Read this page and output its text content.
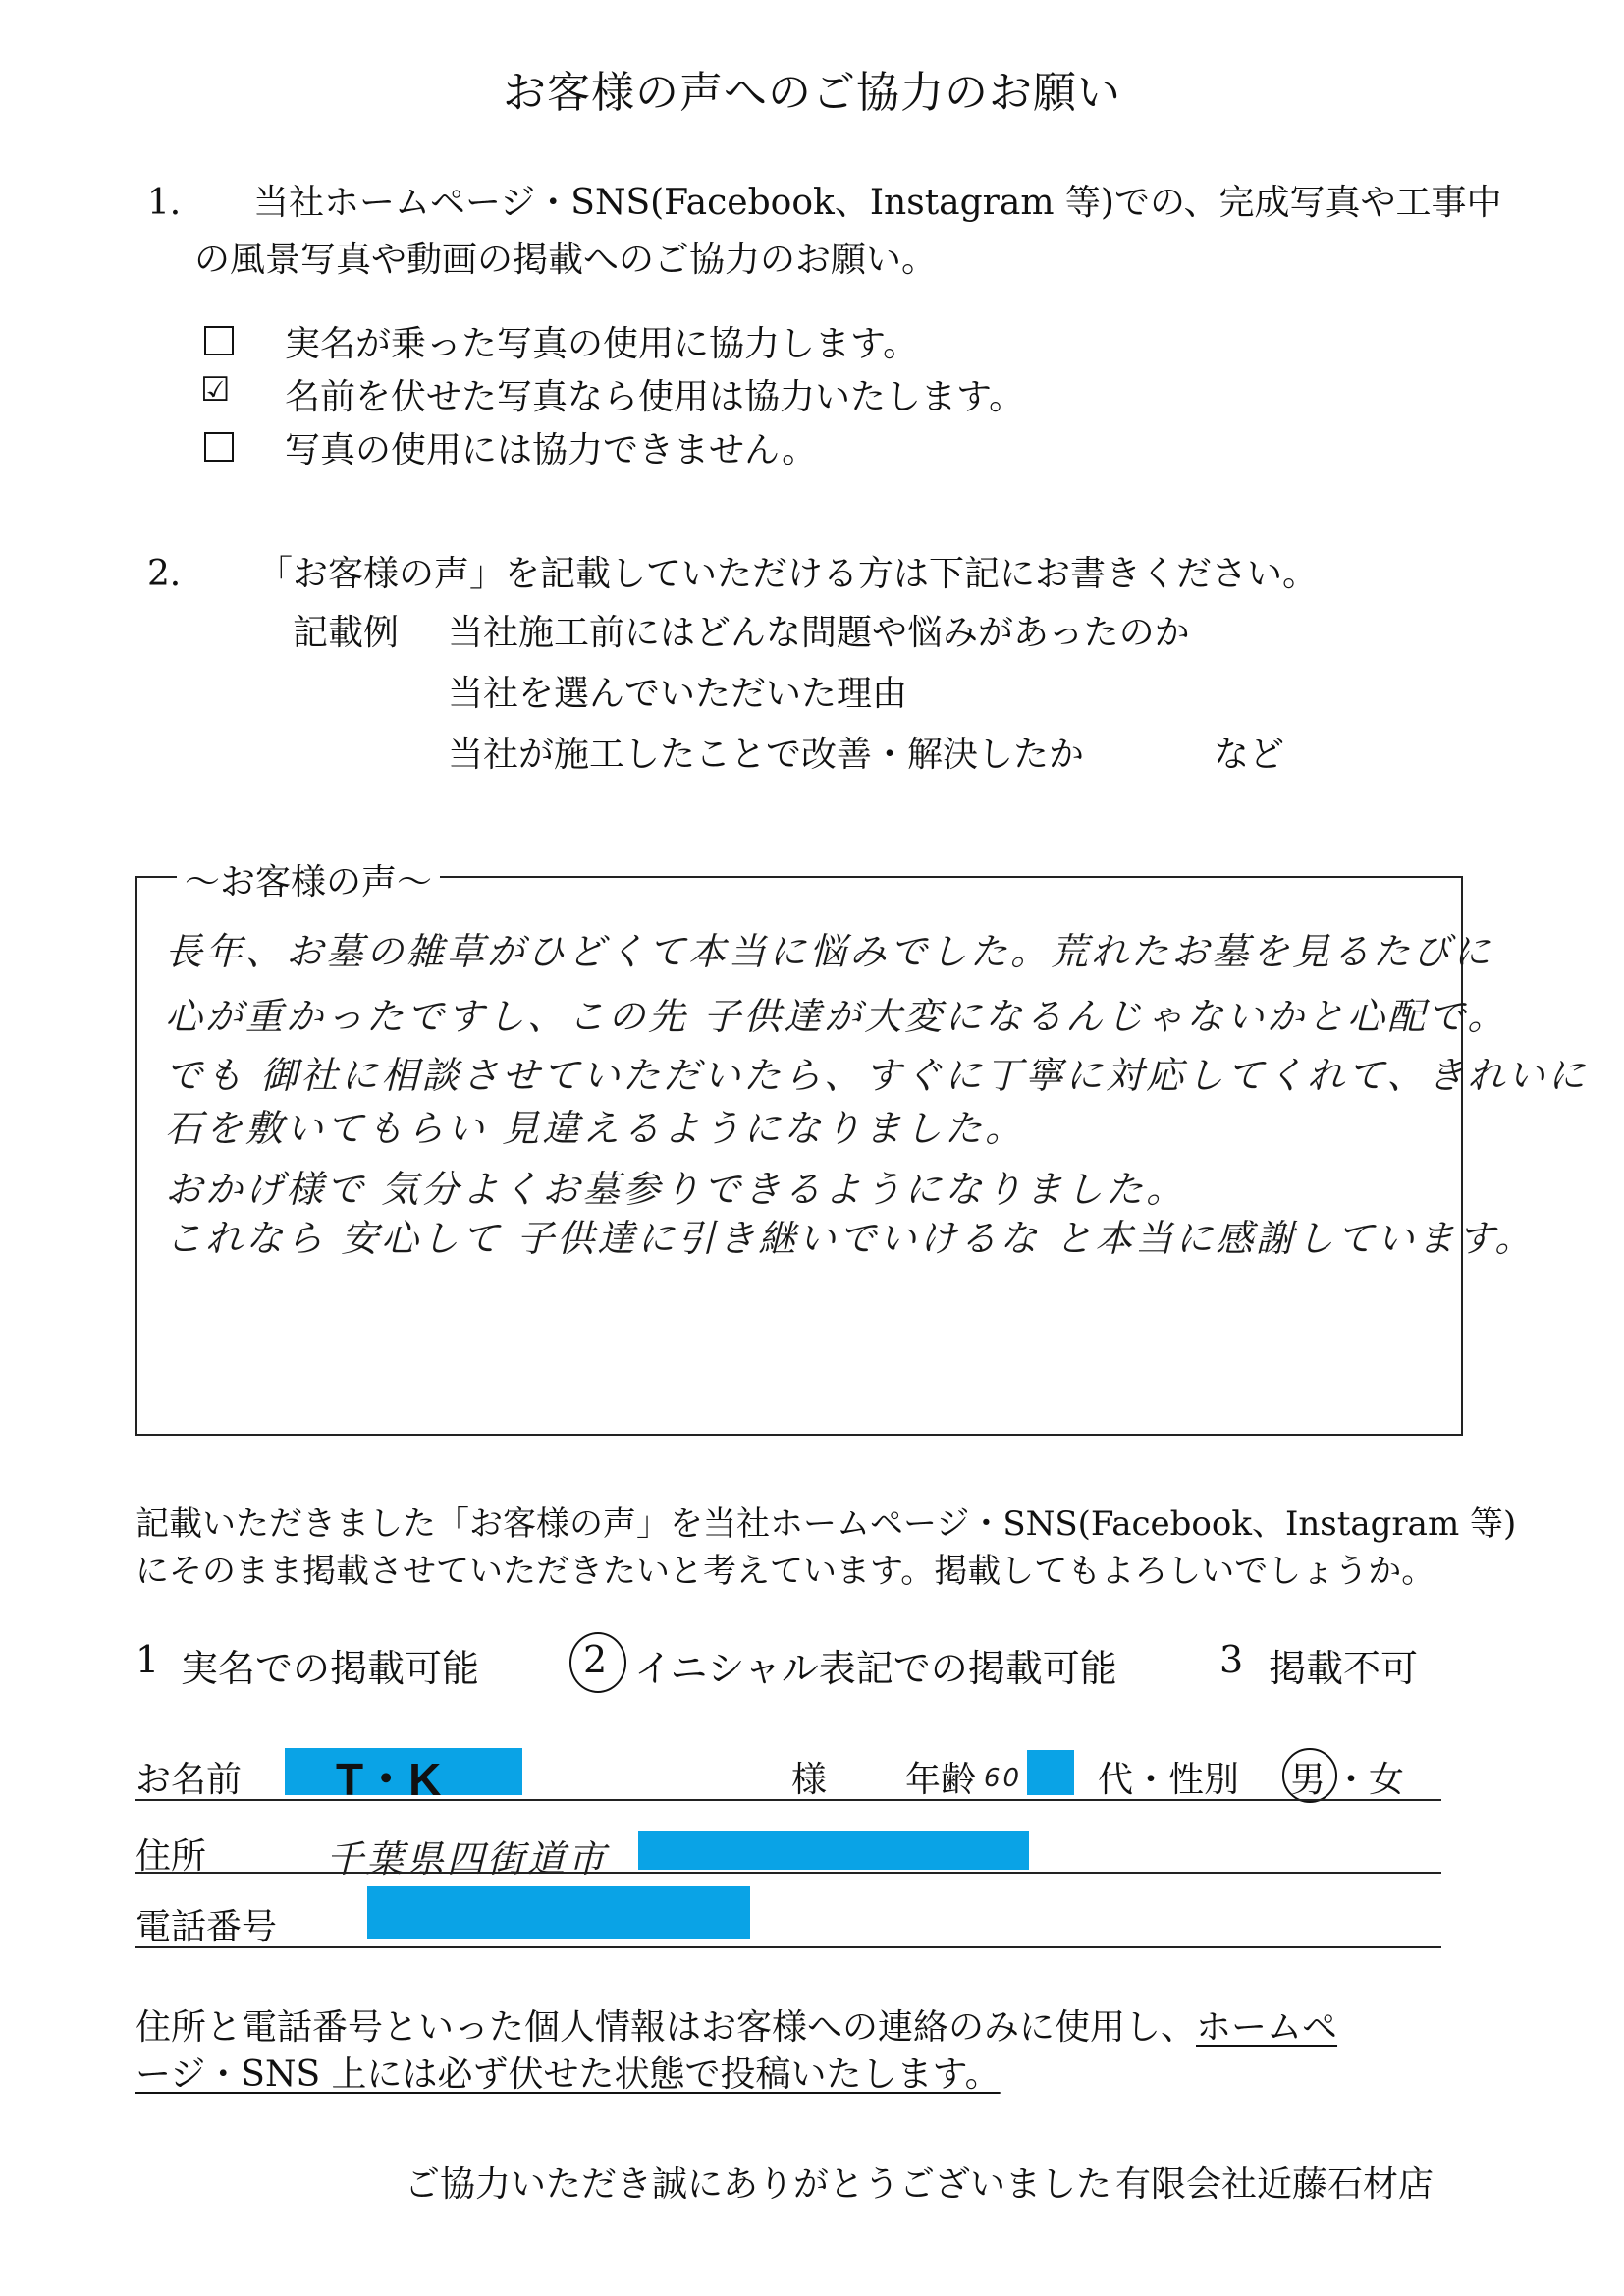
お客様の声へのご協力のお願い
1． 当社ホームページ・SNS(Facebook、Instagram 等)での、完成写真や工事中
の風景写真や動画の掲載へのご協力のお願い。
実名が乗った写真の使用に協力します。
☑ 名前を伏せた写真なら使用は協力いたします。
写真の使用には協力できません。
2． 「お客様の声」を記載していただける方は下記にお書きください。
記載例 当社施工前にはどんな問題や悩みがあったのか
当社を選んでいただいた理由
当社が施工したことで改善・解決したか	など
～お客様の声～
長年、お墓の雑草がひどくて本当に悩みでした。荒れたお墓を見るたびに
心が重かったですし、この先 子供達が大変になるんじゃないかと心配で。
でも 御社に相談させていただいたら、すぐに丁寧に対応してくれて、きれいに
石を敷いてもらい 見違えるようになりました。
おかげ様で 気分よくお墓参りできるようになりました。
これなら 安心して 子供達に引き継いでいけるな と本当に感謝しています。
記載いただきました「お客様の声」を当社ホームページ・SNS(Facebook、Instagram 等)
にそのまま掲載させていただきたいと考えています。掲載してもよろしいでしょうか。
1 実名での掲載可能	2 イニシャル表記での掲載可能	3 掲載不可
お名前 T・K	様 年齢 60 代・性別 男 ・ 女
住所	千葉県四街道市
電話番号
住所と電話番号といった個人情報はお客様への連絡のみに使用し、ホームペ
ージ・SNS 上には必ず伏せた状態で投稿いたします。
ご協力いただき誠にありがとうございました 有限会社近藤石材店
